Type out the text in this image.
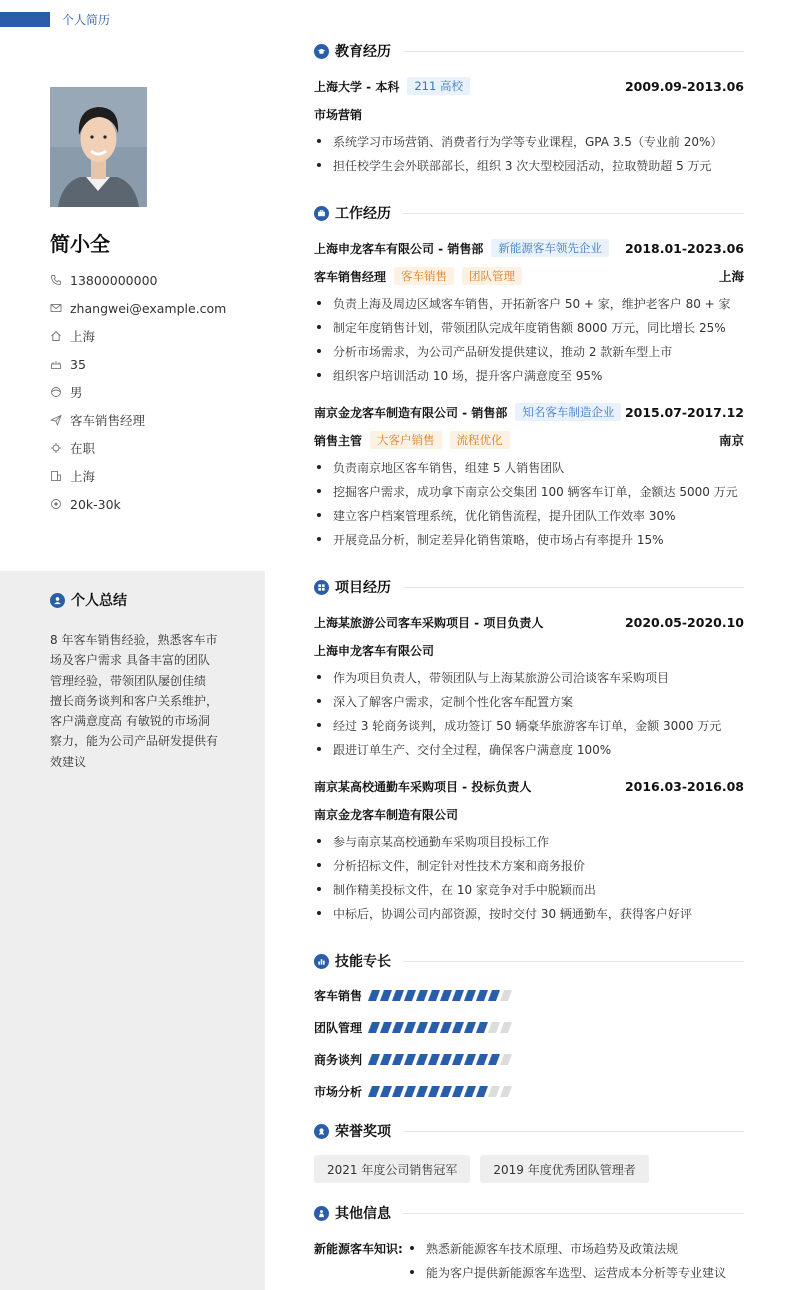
个人简历
简小全
13800000000
zhangwei@example.com
上海
35
男
客车销售经理
在职
上海
20k-30k
个人总结
8 年客车销售经验，熟悉客车市场及客户需求 具备丰富的团队管理经验，带领团队屡创佳绩 擅长商务谈判和客户关系维护，客户满意度高 有敏锐的市场洞察力，能为公司产品研发提供有效建议
教育经历
上海大学 - 本科	211 高校	2009.09-2013.06
市场营销
系统学习市场营销、消费者行为学等专业课程，GPA 3.5（专业前 20%）
担任校学生会外联部部长，组织 3 次大型校园活动，拉取赞助超 5 万元
工作经历
上海申龙客车有限公司 - 销售部	新能源客车领先企业	2018.01-2023.06
客车销售经理	客车销售	团队管理	上海
负责上海及周边区域客车销售，开拓新客户 50 + 家，维护老客户 80 + 家
制定年度销售计划，带领团队完成年度销售额 8000 万元，同比增长 25%
分析市场需求，为公司产品研发提供建议，推动 2 款新车型上市
组织客户培训活动 10 场，提升客户满意度至 95%
南京金龙客车制造有限公司 - 销售部	知名客车制造企业 2015.07-2017.12
销售主管	大客户销售	流程优化	南京
负责南京地区客车销售，组建 5 人销售团队
挖掘客户需求，成功拿下南京公交集团 100 辆客车订单，金额达 5000 万元
建立客户档案管理系统，优化销售流程，提升团队工作效率 30%
开展竞品分析，制定差异化销售策略，使市场占有率提升 15%
项目经历
上海某旅游公司客车采购项目 - 项目负责人	2020.05-2020.10
上海申龙客车有限公司
作为项目负责人，带领团队与上海某旅游公司洽谈客车采购项目
深入了解客户需求，定制个性化客车配置方案
经过 3 轮商务谈判，成功签订 50 辆豪华旅游客车订单，金额 3000 万元
跟进订单生产、交付全过程，确保客户满意度 100%
南京某高校通勤车采购项目 - 投标负责人	2016.03-2016.08
南京金龙客车制造有限公司
参与南京某高校通勤车采购项目投标工作
分析招标文件，制定针对性技术方案和商务报价
制作精美投标文件，在 10 家竞争对手中脱颖而出
中标后，协调公司内部资源，按时交付 30 辆通勤车，获得客户好评
技能专长
客车销售
团队管理
商务谈判
市场分析
荣誉奖项
2021 年度公司销售冠军	2019 年度优秀团队管理者
其他信息
新能源客车知识:	熟悉新能源客车技术原理、市场趋势及政策法规
能为客户提供新能源客车选型、运营成本分析等专业建议
